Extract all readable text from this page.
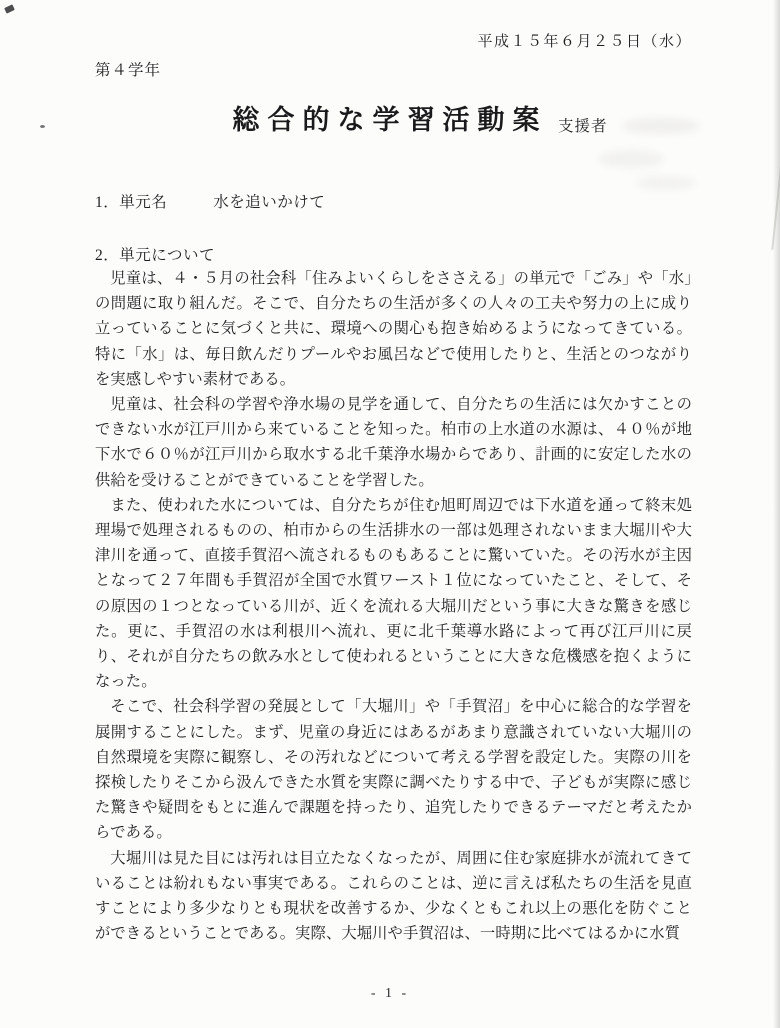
平成１５年６月２５日（水）
第４学年
総合的な学習活動案 支援者
1．単元名	水を追いかけて
2．単元について

児童は、４・５月の社会科「住みよいくらしをささえる」の単元で「ごみ」や「水」の問題に取り組んだ。そこで、自分たちの生活が多くの人々の工夫や努力の上に成り立っていることに気づくと共に、環境への関心も抱き始めるようになってきている。特に「水」は、毎日飲んだりプールやお風呂などで使用したりと、生活とのつながりを実感しやすい素材である。

児童は、社会科の学習や浄水場の見学を通して、自分たちの生活には欠かすことのできない水が江戸川から来ていることを知った。柏市の上水道の水源は、４０％が地下水で６０％が江戸川から取水する北千葉浄水場からであり、計画的に安定した水の供給を受けることができていることを学習した。

また、使われた水については、自分たちが住む旭町周辺では下水道を通って終末処理場で処理されるものの、柏市からの生活排水の一部は処理されないまま大堀川や大津川を通って、直接手賀沼へ流されるものもあることに驚いていた。その汚水が主因となって２７年間も手賀沼が全国で水質ワースト１位になっていたこと、そして、その原因の１つとなっている川が、近くを流れる大堀川だという事に大きな驚きを感じた。更に、手賀沼の水は利根川へ流れ、更に北千葉導水路によって再び江戸川に戻り、それが自分たちの飲み水として使われるということに大きな危機感を抱くようになった。

そこで、社会科学習の発展として「大堀川」や「手賀沼」を中心に総合的な学習を展開することにした。まず、児童の身近にはあるがあまり意識されていない大堀川の自然環境を実際に観察し、その汚れなどについて考える学習を設定した。実際の川を探検したりそこから汲んできた水質を実際に調べたりする中で、子どもが実際に感じた驚きや疑問をもとに進んで課題を持ったり、追究したりできるテーマだと考えたからである。

大堀川は見た目には汚れは目立たなくなったが、周囲に住む家庭排水が流れてきていることは紛れもない事実である。これらのことは、逆に言えば私たちの生活を見直すことにより多少なりとも現状を改善するか、少なくともこれ以上の悪化を防ぐことができるということである。実際、大堀川や手賀沼は、一時期に比べてはるかに水質

- 1 -
